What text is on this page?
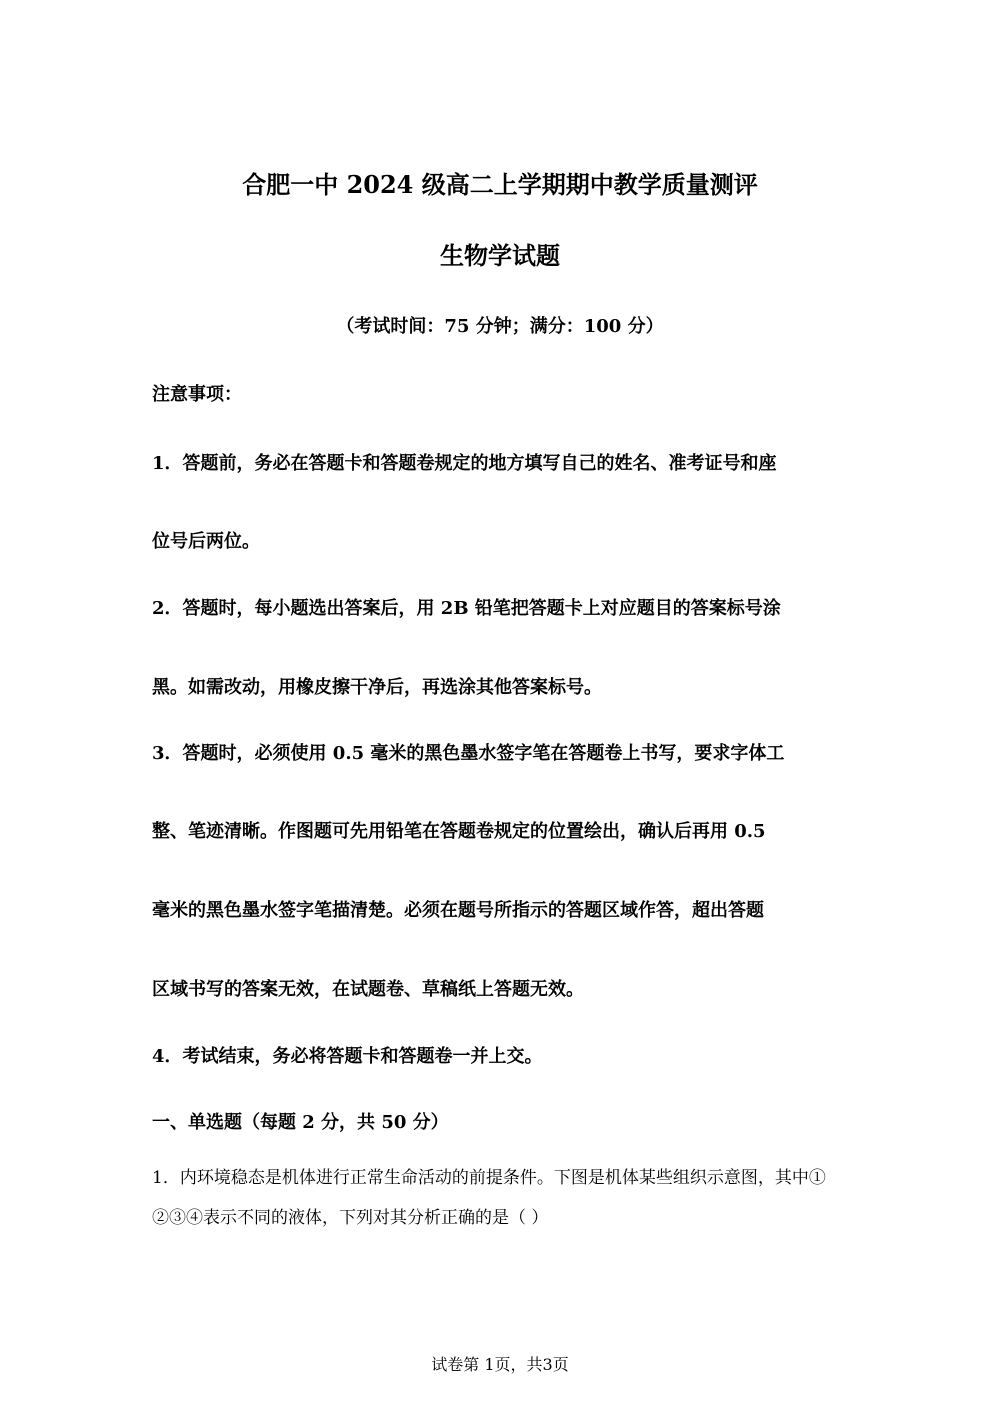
合肥一中 2024 级高二上学期期中教学质量测评
生物学试题
（考试时间：75 分钟；满分：100 分）
注意事项：
1．答题前，务必在答题卡和答题卷规定的地方填写自己的姓名、准考证号和座
位号后两位。
2．答题时，每小题选出答案后，用 2B 铅笔把答题卡上对应题目的答案标号涂
黑。如需改动，用橡皮擦干净后，再选涂其他答案标号。
3．答题时，必须使用 0.5 毫米的黑色墨水签字笔在答题卷上书写，要求字体工
整、笔迹清晰。作图题可先用铅笔在答题卷规定的位置绘出，确认后再用 0.5
毫米的黑色墨水签字笔描清楚。必须在题号所指示的答题区域作答，超出答题
区域书写的答案无效，在试题卷、草稿纸上答题无效。
4．考试结束，务必将答题卡和答题卷一并上交。
一、单选题（每题 2 分，共 50 分）
1．内环境稳态是机体进行正常生命活动的前提条件。下图是机体某些组织示意图，其中①
②③④表示不同的液体，下列对其分析正确的是（ ）
试卷第 1页，共3页
